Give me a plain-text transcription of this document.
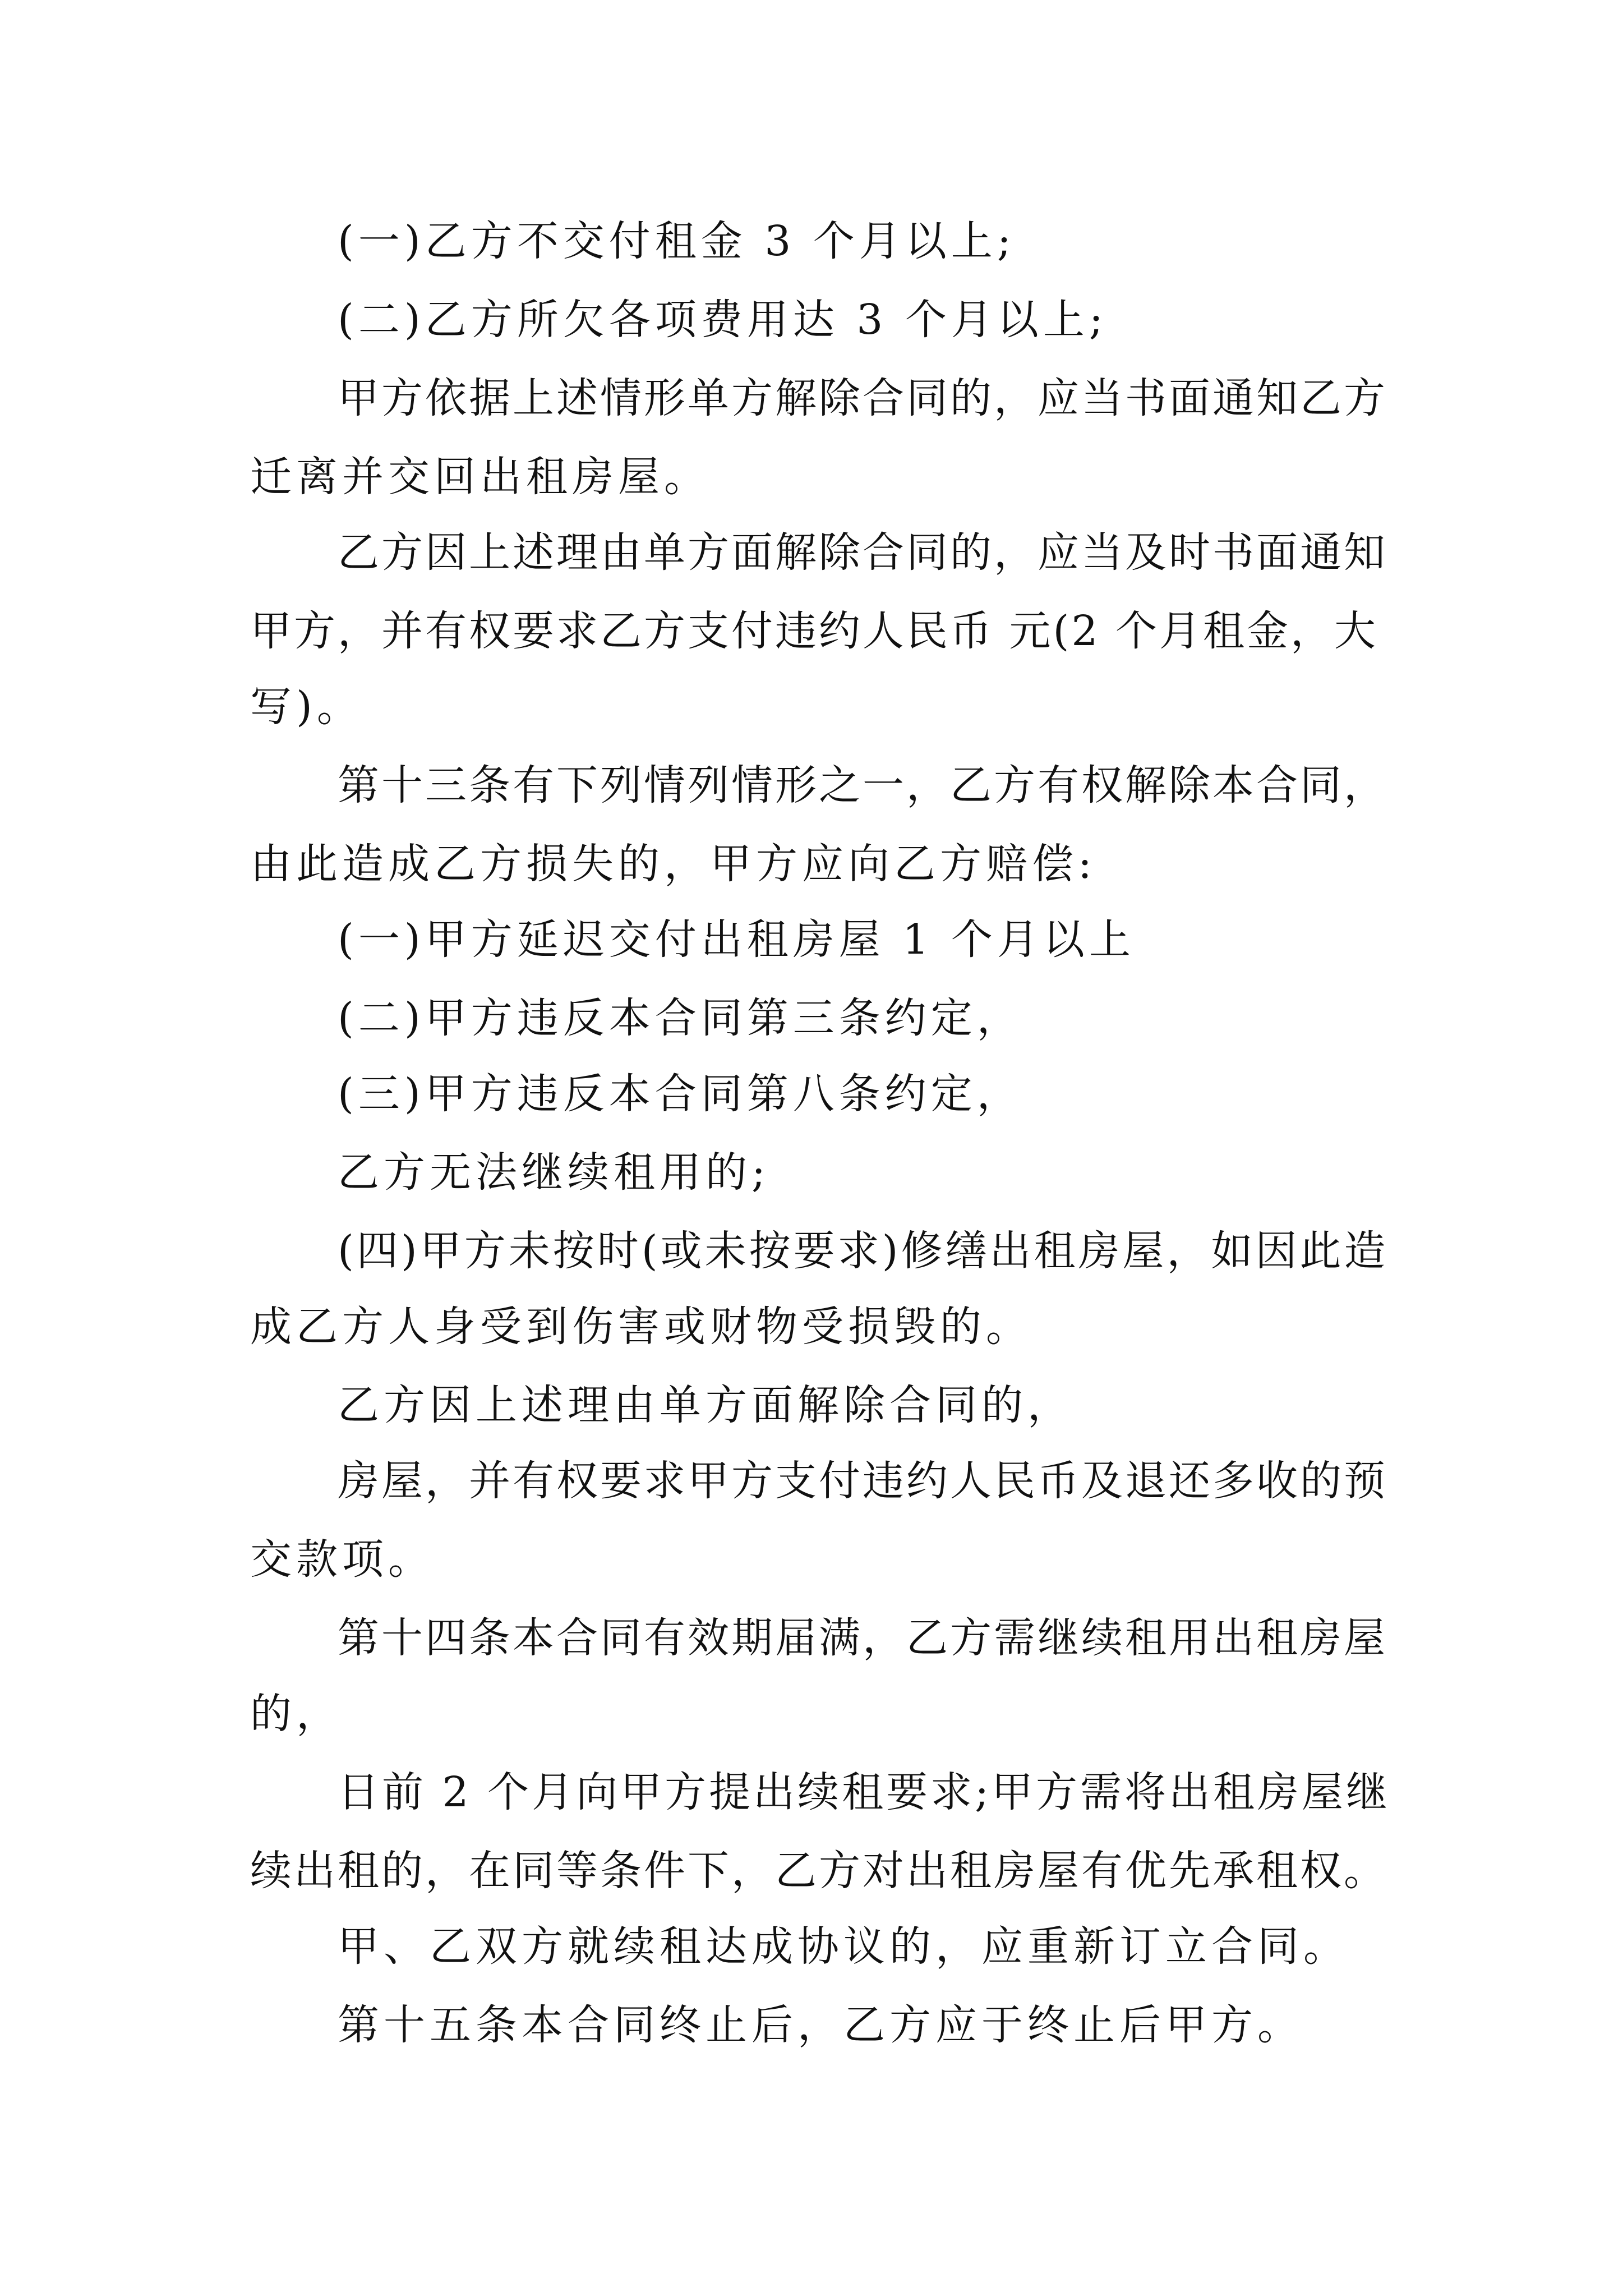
(一)乙方不交付租金 3 个月以上;
(二)乙方所欠各项费用达 3 个月以上;
甲方依据上述情形单方解除合同的，应当书面通知乙方
迁离并交回出租房屋。
乙方因上述理由单方面解除合同的，应当及时书面通知
甲方，并有权要求乙方支付违约人民币 元(2 个月租金，大
写)。
第十三条有下列情列情形之一，乙方有权解除本合同，
由此造成乙方损失的，甲方应向乙方赔偿:
(一)甲方延迟交付出租房屋 1 个月以上
(二)甲方违反本合同第三条约定，
(三)甲方违反本合同第八条约定，
乙方无法继续租用的;
(四)甲方未按时(或未按要求)修缮出租房屋，如因此造
成乙方人身受到伤害或财物受损毁的。
乙方因上述理由单方面解除合同的，
房屋，并有权要求甲方支付违约人民币及退还多收的预
交款项。
第十四条本合同有效期届满，乙方需继续租用出租房屋
的，
日前 2 个月向甲方提出续租要求;甲方需将出租房屋继
续出租的，在同等条件下，乙方对出租房屋有优先承租权。
甲、乙双方就续租达成协议的，应重新订立合同。
第十五条本合同终止后，乙方应于终止后甲方。
